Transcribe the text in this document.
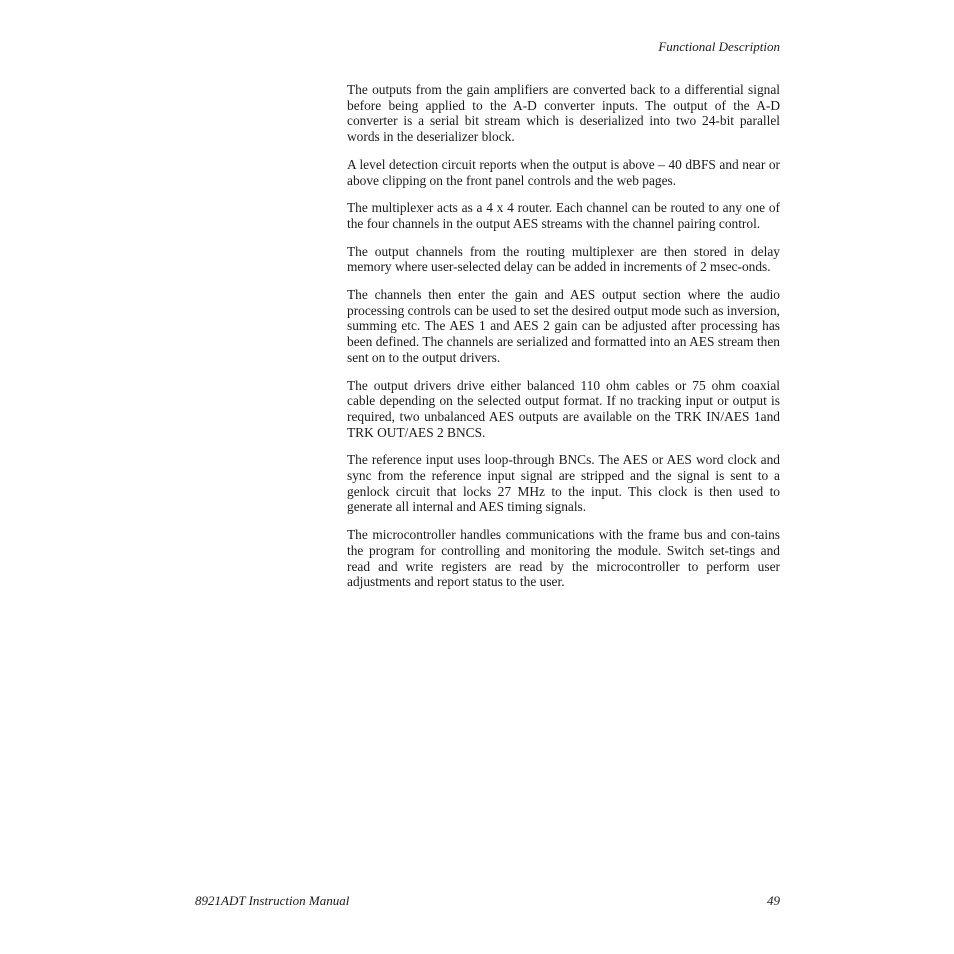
Functional Description

The outputs from the gain amplifiers are converted back to a differential signal before being applied to the A-D converter inputs. The output of the A-D converter is a serial bit stream which is deserialized into two 24-bit parallel words in the deserializer block.

A level detection circuit reports when the output is above – 40 dBFS and near or above clipping on the front panel controls and the web pages.

The multiplexer acts as a 4 x 4 router. Each channel can be routed to any one of the four channels in the output AES streams with the channel pairing control.

The output channels from the routing multiplexer are then stored in delay memory where user-selected delay can be added in increments of 2 msec-onds.

The channels then enter the gain and AES output section where the audio processing controls can be used to set the desired output mode such as inversion, summing etc. The AES 1 and AES 2 gain can be adjusted after processing has been defined. The channels are serialized and formatted into an AES stream then sent on to the output drivers.

The output drivers drive either balanced 110 ohm cables or 75 ohm coaxial cable depending on the selected output format. If no tracking input or output is required, two unbalanced AES outputs are available on the TRK IN/AES 1and TRK OUT/AES 2 BNCS.

The reference input uses loop-through BNCs. The AES or AES word clock and sync from the reference input signal are stripped and the signal is sent to a genlock circuit that locks 27 MHz to the input. This clock is then used to generate all internal and AES timing signals.

The microcontroller handles communications with the frame bus and con-tains the program for controlling and monitoring the module. Switch set-tings and read and write registers are read by the microcontroller to perform user adjustments and report status to the user.

8921ADT Instruction Manual	49
